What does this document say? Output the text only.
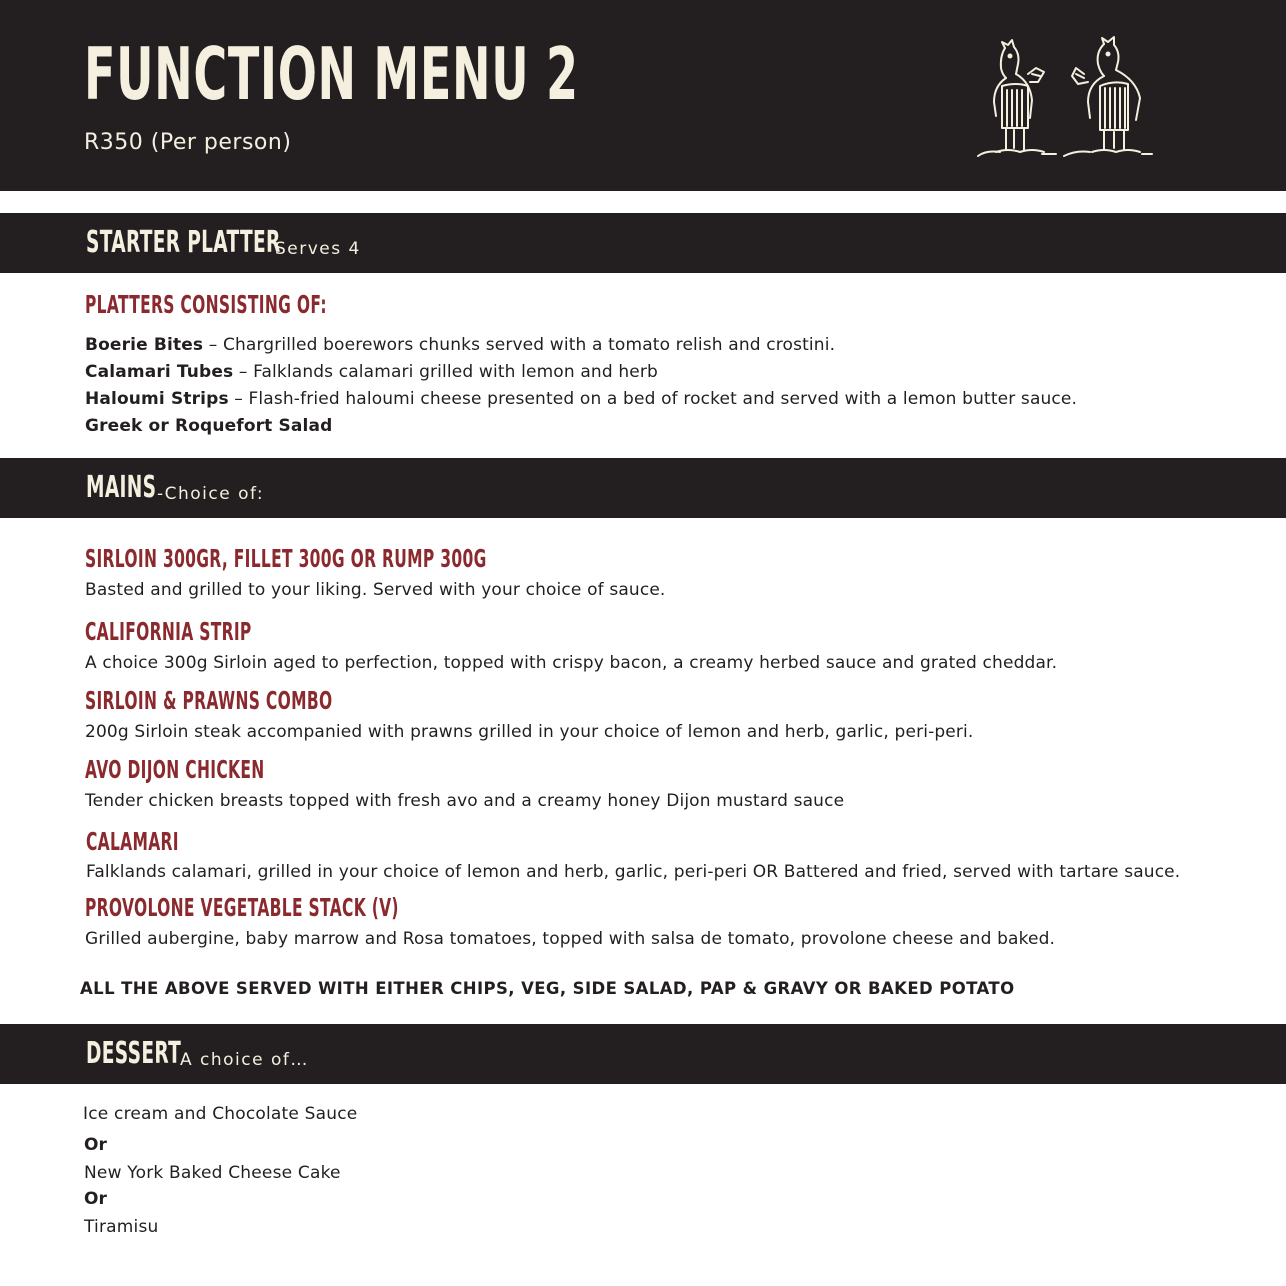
FUNCTION MENU 2
R350 (Per person)
STARTER PLATTER
Serves 4
PLATTERS CONSISTING OF:
Boerie Bites – Chargrilled boerewors chunks served with a tomato relish and crostini.
Calamari Tubes – Falklands calamari grilled with lemon and herb
Haloumi Strips – Flash-fried haloumi cheese presented on a bed of rocket and served with a lemon butter sauce.
Greek or Roquefort Salad
MAINS -Choice of:
SIRLOIN 300GR, FILLET 300G OR RUMP 300G
Basted and grilled to your liking. Served with your choice of sauce.
CALIFORNIA STRIP
A choice 300g Sirloin aged to perfection, topped with crispy bacon, a creamy herbed sauce and grated cheddar.
SIRLOIN & PRAWNS COMBO
200g Sirloin steak accompanied with prawns grilled in your choice of lemon and herb, garlic, peri-peri.
AVO DIJON CHICKEN
Tender chicken breasts topped with fresh avo and a creamy honey Dijon mustard sauce
CALAMARI
Falklands calamari, grilled in your choice of lemon and herb, garlic, peri-peri OR Battered and fried, served with tartare sauce.
PROVOLONE VEGETABLE STACK (V)
Grilled aubergine, baby marrow and Rosa tomatoes, topped with salsa de tomato, provolone cheese and baked.
ALL THE ABOVE SERVED WITH EITHER CHIPS, VEG, SIDE SALAD, PAP & GRAVY OR BAKED POTATO
DESSERT
A choice of…
Ice cream and Chocolate Sauce
Or
New York Baked Cheese Cake
Or
Tiramisu
